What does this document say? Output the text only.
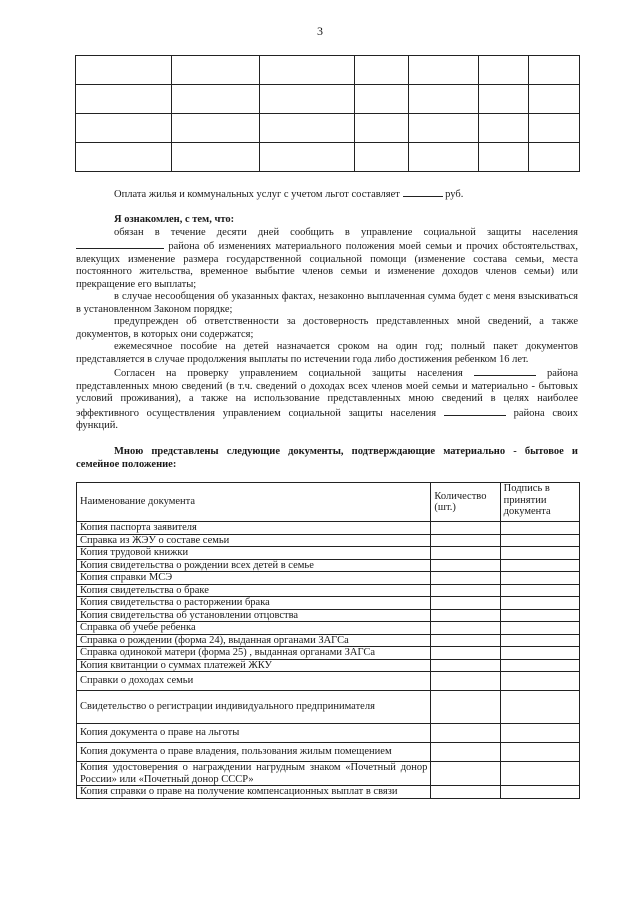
3

Оплата жилья и коммунальных услуг с учетом льгот составляет	руб.

Я ознакомлен, с тем, что:

обязан в течение десяти дней сообщить в управление социальной защиты населения  района об изменениях материального положения моей семьи и прочих обстоятельствах, влекущих изменение размера государственной социальной помощи (изменение состава семьи, места постоянного жительства, временное выбытие членов семьи и изменение доходов членов семьи) или прекращение его выплаты;

в случае несообщения об указанных фактах, незаконно выплаченная сумма будет с меня взыскиваться в установленном Законом порядке;

предупрежден об ответственности за достоверность представленных мной сведений, а также документов, в которых они содержатся;

ежемесячное пособие на детей назначается сроком на один год; полный пакет документов представляется в случае продолжения выплаты по истечении года либо достижения ребенком 16 лет.

Согласен на проверку управлением социальной защиты населения	района представленных мною сведений (в т.ч. сведений о доходах всех членов моей семьи и материально - бытовых условий проживания), а также на использование представленных мною сведений в целях наиболее эффективного осуществления управлением социальной защиты населения	района своих функций.

Мною представлены следующие документы, подтверждающие материально - бытовое и семейное положение:

Наименование документа	Количество (шт.)	Подпись в принятии документа
Копия паспорта заявителя		
Справка из ЖЭУ о составе семьи		
Копия трудовой книжки		
Копия свидетельства о рождении всех детей в семье		
Копия справки МСЭ		
Копия свидетельства о браке		
Копия свидетельства о расторжении брака		
Копия свидетельства об установлении отцовства		
Справка об учебе ребенка		
Справка о рождении (форма 24), выданная органами ЗАГСа		
Справка одинокой матери (форма 25) , выданная органами ЗАГСа		
Копия квитанции о суммах платежей ЖКУ		
Справки о доходах семьи		
Свидетельство о регистрации индивидуального предпринимателя		
Копия документа о праве на льготы		
Копия документа о праве владения, пользования жилым помещением		
Копия удостоверения о награждении нагрудным знаком «Почетный донор России» или «Почетный донор СССР»		
Копия справки о праве на получение компенсационных выплат в связи		
